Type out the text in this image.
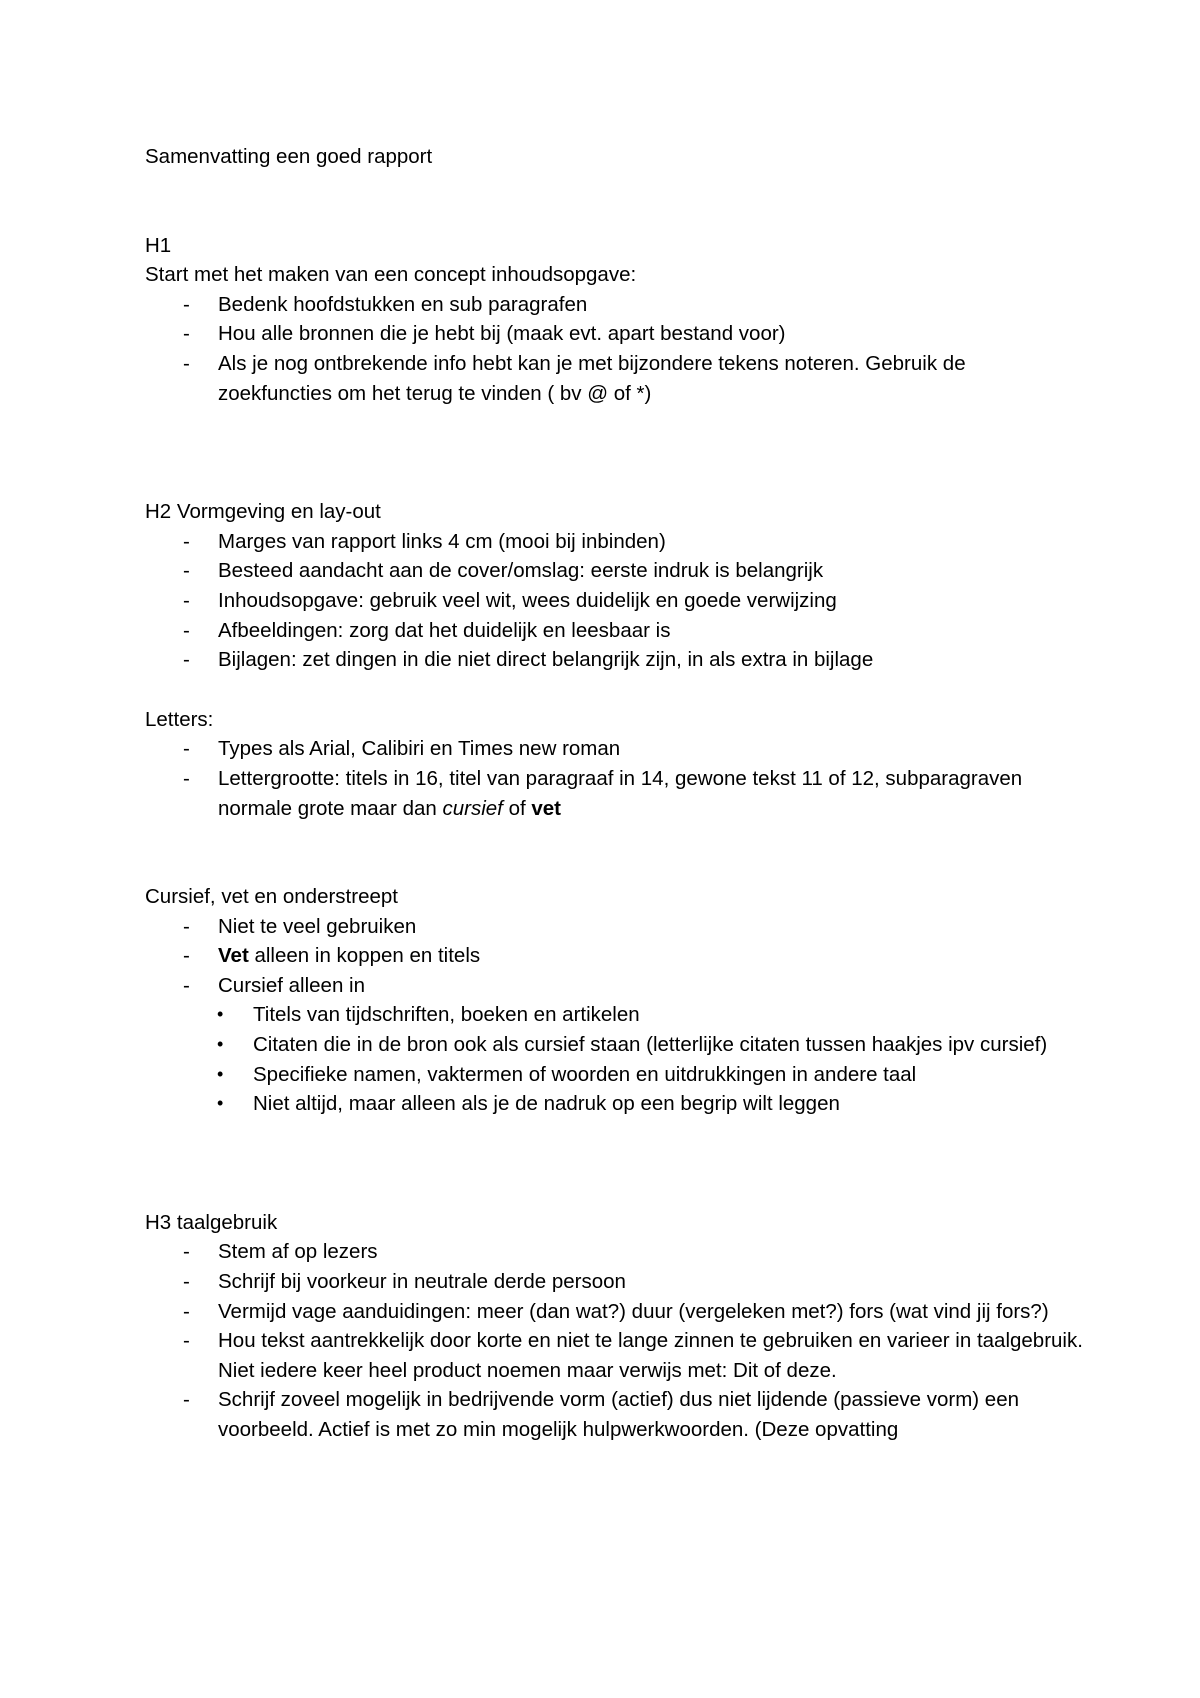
Samenvatting een goed rapport
H1
Start met het maken van een concept inhoudsopgave:
-	Bedenk hoofdstukken en sub paragrafen
-	Hou alle bronnen die je hebt bij (maak evt. apart bestand voor)
-	Als je nog ontbrekende info hebt kan je met bijzondere tekens noteren. Gebruik de zoekfuncties om het terug te vinden ( bv @ of *)
H2 Vormgeving en lay-out
-	Marges van rapport links 4 cm (mooi bij inbinden)
-	Besteed aandacht aan de cover/omslag: eerste indruk is belangrijk
-	Inhoudsopgave: gebruik veel wit, wees duidelijk en goede verwijzing
-	Afbeeldingen: zorg dat het duidelijk en leesbaar is
-	Bijlagen: zet dingen in die niet direct belangrijk zijn, in als extra in bijlage
Letters:
-	Types als Arial, Calibiri en Times new roman
-	Lettergrootte: titels in 16, titel van paragraaf in 14, gewone tekst 11 of 12, subparagraven normale grote maar dan cursief of vet
Cursief, vet en onderstreept
-	Niet te veel gebruiken
-	Vet alleen in koppen en titels
-	Cursief alleen in
•	Titels van tijdschriften, boeken en artikelen
•	Citaten die in de bron ook als cursief staan (letterlijke citaten tussen haakjes ipv cursief)
•	Specifieke namen, vaktermen of woorden en uitdrukkingen in andere taal
•	Niet altijd, maar alleen als je de nadruk op een begrip wilt leggen
H3 taalgebruik
-	Stem af op lezers
-	Schrijf bij voorkeur in neutrale derde persoon
-	Vermijd vage aanduidingen: meer (dan wat?) duur (vergeleken met?) fors (wat vind jij fors?)
-	Hou tekst aantrekkelijk door korte en niet te lange zinnen te gebruiken en varieer in taalgebruik. Niet iedere keer heel product noemen maar verwijs met: Dit of deze.
-	Schrijf zoveel mogelijk in bedrijvende vorm (actief) dus niet lijdende (passieve vorm) een voorbeeld. Actief is met zo min mogelijk hulpwerkwoorden. (Deze opvatting
